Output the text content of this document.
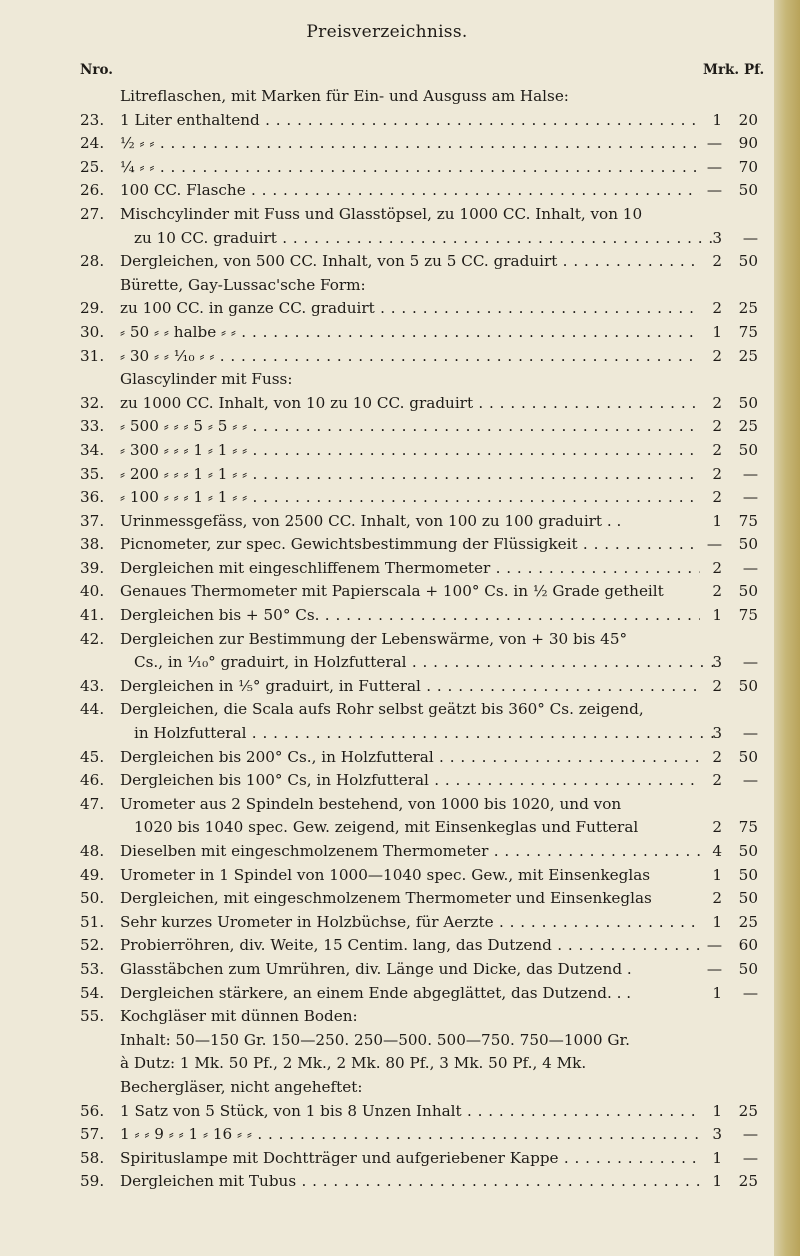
Preisverzeichniss.
Nro.	Mrk. Pf.
Litreflaschen, mit Marken für Ein- und Ausguss am Halse:
23. 1 Liter enthaltend . . .	1	20
24. ½ ⸗ ⸗ . . .	—	90
25. ¼ ⸗ ⸗ . . .	—	70
26. 100 CC. Flasche . . .	—	50
27. Mischcylinder mit Fuss und Glasstöpsel, zu 1000 CC. Inhalt, von 10
zu 10 CC. graduirt . . .	3	—
28. Dergleichen, von 500 CC. Inhalt, von 5 zu 5 CC. graduirt . . .	2	50
Bürette, Gay-Lussac'sche Form:
29. zu 100 CC. in ganze CC. graduirt . . .	2	25
30. ⸗ 50 ⸗ ⸗ halbe ⸗ ⸗ . . .	1	75
31. ⸗ 30 ⸗ ⸗ ¹⁄₁₀ ⸗ ⸗ . . .	2	25
Glascylinder mit Fuss:
32. zu 1000 CC. Inhalt, von 10 zu 10 CC. graduirt . . .	2	50
33. ⸗ 500 ⸗ ⸗ ⸗ 5 ⸗ 5 ⸗ ⸗ . . .	2	25
34. ⸗ 300 ⸗ ⸗ ⸗ 1 ⸗ 1 ⸗ ⸗ . . .	2	50
35. ⸗ 200 ⸗ ⸗ ⸗ 1 ⸗ 1 ⸗ ⸗ . . .	2	—
36. ⸗ 100 ⸗ ⸗ ⸗ 1 ⸗ 1 ⸗ ⸗ . . .	2	—
37. Urinmessgefäss, von 2500 CC. Inhalt, von 100 zu 100 graduirt . .	1	75
38. Picnometer, zur spec. Gewichtsbestimmung der Flüssigkeit . . .	—	50
39. Dergleichen mit eingeschliffenem Thermometer . . .	2	—
40. Genaues Thermometer mit Papierscala + 100° Cs. in ½ Grade getheilt	2	50
41. Dergleichen bis + 50° Cs. . . .	1	75
42. Dergleichen zur Bestimmung der Lebenswärme, von + 30 bis 45°
Cs., in ¹⁄₁₀° graduirt, in Holzfutteral . . .	3	—
43. Dergleichen in ⅕° graduirt, in Futteral . . .	2	50
44. Dergleichen, die Scala aufs Rohr selbst geätzt bis 360° Cs. zeigend,
in Holzfutteral . . .	3	—
45. Dergleichen bis 200° Cs., in Holzfutteral . . .	2	50
46. Dergleichen bis 100° Cs, in Holzfutteral . . .	2	—
47. Urometer aus 2 Spindeln bestehend, von 1000 bis 1020, und von
1020 bis 1040 spec. Gew. zeigend, mit Einsenkeglas und Futteral	2	75
48. Dieselben mit eingeschmolzenem Thermometer . . .	4	50
49. Urometer in 1 Spindel von 1000—1040 spec. Gew., mit Einsenkeglas	1	50
50. Dergleichen, mit eingeschmolzenem Thermometer und Einsenkeglas	2	50
51. Sehr kurzes Urometer in Holzbüchse, für Aerzte . . .	1	25
52. Probierröhren, div. Weite, 15 Centim. lang, das Dutzend . . .	—	60
53. Glasstäbchen zum Umrühren, div. Länge und Dicke, das Dutzend .	—	50
54. Dergleichen stärkere, an einem Ende abgeglättet, das Dutzend. . .	1	—
55. Kochgläser mit dünnen Boden:
Inhalt: 50—150 Gr. 150—250. 250—500. 500—750. 750—1000 Gr.
à Dutz: 1 Mk. 50 Pf., 2 Mk., 2 Mk. 80 Pf., 3 Mk. 50 Pf., 4 Mk.
Bechergläser, nicht angeheftet:
56. 1 Satz von 5 Stück, von 1 bis 8 Unzen Inhalt . . .	1	25
57. 1 ⸗ ⸗ 9 ⸗ ⸗ 1 ⸗ 16 ⸗ ⸗ . . .	3	—
58. Spirituslampe mit Dochtträger und aufgeriebener Kappe . . .	1	—
59. Dergleichen mit Tubus . . .	1	25
